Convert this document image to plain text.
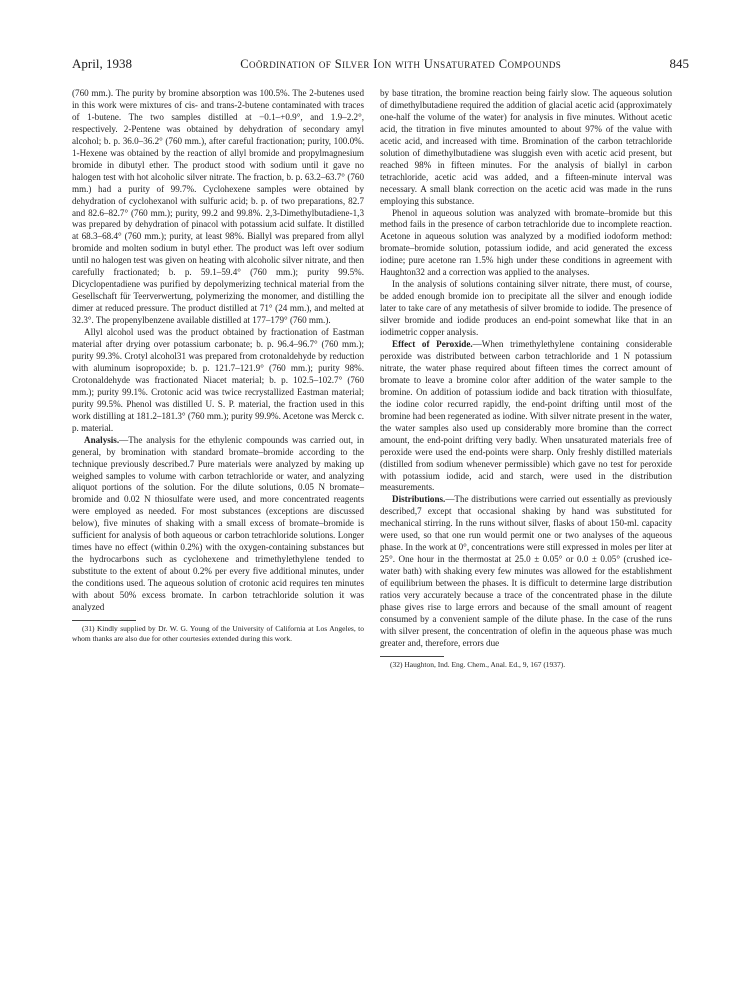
April, 1938	Coördination of Silver Ion with Unsaturated Compounds	845

(760 mm.). The purity by bromine absorption was 100.5%. The 2-butenes used in this work were mixtures of cis- and trans-2-butene contaminated with traces of 1-butene. The two samples distilled at −0.1–+0.9°, and 1.9–2.2°, respectively. 2-Pentene was obtained by dehydration of secondary amyl alcohol; b. p. 36.0–36.2° (760 mm.), after careful fractionation; purity, 100.0%. 1-Hexene was obtained by the reaction of allyl bromide and propylmagnesium bromide in dibutyl ether. The product stood with sodium until it gave no halogen test with hot alcoholic silver nitrate. The fraction, b. p. 63.2–63.7° (760 mm.) had a purity of 99.7%. Cyclohexene samples were obtained by dehydration of cyclohexanol with sulfuric acid; b. p. of two preparations, 82.7 and 82.6–82.7° (760 mm.); purity, 99.2 and 99.8%. 2,3-Dimethylbutadiene-1,3 was prepared by dehydration of pinacol with potassium acid sulfate. It distilled at 68.3–68.4° (760 mm.); purity, at least 98%. Biallyl was prepared from allyl bromide and molten sodium in butyl ether. The product was left over sodium until no halogen test was given on heating with alcoholic silver nitrate, and then carefully fractionated; b. p. 59.1–59.4° (760 mm.); purity 99.5%. Dicyclopentadiene was purified by depolymerizing technical material from the Gesellschaft für Teerverwertung, polymerizing the monomer, and distilling the dimer at reduced pressure. The product distilled at 71° (24 mm.), and melted at 32.3°. The propenylbenzene available distilled at 177–179° (760 mm.).

Allyl alcohol used was the product obtained by fractionation of Eastman material after drying over potassium carbonate; b. p. 96.4–96.7° (760 mm.); purity 99.3%. Crotyl alcohol31 was prepared from crotonaldehyde by reduction with aluminum isopropoxide; b. p. 121.7–121.9° (760 mm.); purity 98%. Crotonaldehyde was fractionated Niacet material; b. p. 102.5–102.7° (760 mm.); purity 99.1%. Crotonic acid was twice recrystallized Eastman material; purity 99.5%. Phenol was distilled U. S. P. material, the fraction used in this work distilling at 181.2–181.3° (760 mm.); purity 99.9%. Acetone was Merck c. p. material.

Analysis.—The analysis for the ethylenic compounds was carried out, in general, by bromination with standard bromate–bromide according to the technique previously described.7 Pure materials were analyzed by making up weighed samples to volume with carbon tetrachloride or water, and analyzing aliquot portions of the solution. For the dilute solutions, 0.05 N bromate–bromide and 0.02 N thiosulfate were used, and more concentrated reagents were employed as needed. For most substances (exceptions are discussed below), five minutes of shaking with a small excess of bromate–bromide is sufficient for analysis of both aqueous or carbon tetrachloride solutions. Longer times have no effect (within 0.2%) with the oxygen-containing substances but the hydrocarbons such as cyclohexene and trimethylethylene tended to substitute to the extent of about 0.2% per every five additional minutes, under the conditions used. The aqueous solution of crotonic acid requires ten minutes with about 50% excess bromate. In carbon tetrachloride solution it was analyzed

(31) Kindly supplied by Dr. W. G. Young of the University of California at Los Angeles, to whom thanks are also due for other courtesies extended during this work.

by base titration, the bromine reaction being fairly slow. The aqueous solution of dimethylbutadiene required the addition of glacial acetic acid (approximately one-half the volume of the water) for analysis in five minutes. Without acetic acid, the titration in five minutes amounted to about 97% of the value with acetic acid, and increased with time. Bromination of the carbon tetrachloride solution of dimethylbutadiene was sluggish even with acetic acid present, but reached 98% in fifteen minutes. For the analysis of biallyl in carbon tetrachloride, acetic acid was added, and a fifteen-minute interval was necessary. A small blank correction on the acetic acid was made in the runs employing this substance.

Phenol in aqueous solution was analyzed with bromate–bromide but this method fails in the presence of carbon tetrachloride due to incomplete reaction. Acetone in aqueous solution was analyzed by a modified iodoform method: bromate–bromide solution, potassium iodide, and acid generated the excess iodine; pure acetone ran 1.5% high under these conditions in agreement with Haughton32 and a correction was applied to the analyses.

In the analysis of solutions containing silver nitrate, there must, of course, be added enough bromide ion to precipitate all the silver and enough iodide later to take care of any metathesis of silver bromide to iodide. The presence of silver bromide and iodide produces an end-point somewhat like that in an iodimetric copper analysis.

Effect of Peroxide.—When trimethylethylene containing considerable peroxide was distributed between carbon tetrachloride and 1 N potassium nitrate, the water phase required about fifteen times the correct amount of bromate to leave a bromine color after addition of the water sample to the bromine. On addition of potassium iodide and back titration with thiosulfate, the iodine color recurred rapidly, the end-point drifting until most of the bromine had been regenerated as iodine. With silver nitrate present in the water, the water samples also used up considerably more bromine than the correct amount, the end-point drifting very badly. When unsaturated materials free of peroxide were used the end-points were sharp. Only freshly distilled materials (distilled from sodium whenever permissible) which gave no test for peroxide with potassium iodide, acid and starch, were used in the distribution measurements.

Distributions.—The distributions were carried out essentially as previously described,7 except that occasional shaking by hand was substituted for mechanical stirring. In the runs without silver, flasks of about 150-ml. capacity were used, so that one run would permit one or two analyses of the aqueous phase. In the work at 0°, concentrations were still expressed in moles per liter at 25°. One hour in the thermostat at 25.0 ± 0.05° or 0.0 ± 0.05° (crushed ice-water bath) with shaking every few minutes was allowed for the establishment of equilibrium between the phases. It is difficult to determine large distribution ratios very accurately because a trace of the concentrated phase in the dilute phase gives rise to large errors and because of the small amount of reagent consumed by a convenient sample of the dilute phase. In the case of the runs with silver present, the concentration of olefin in the aqueous phase was much greater and, therefore, errors due

(32) Haughton, Ind. Eng. Chem., Anal. Ed., 9, 167 (1937).
